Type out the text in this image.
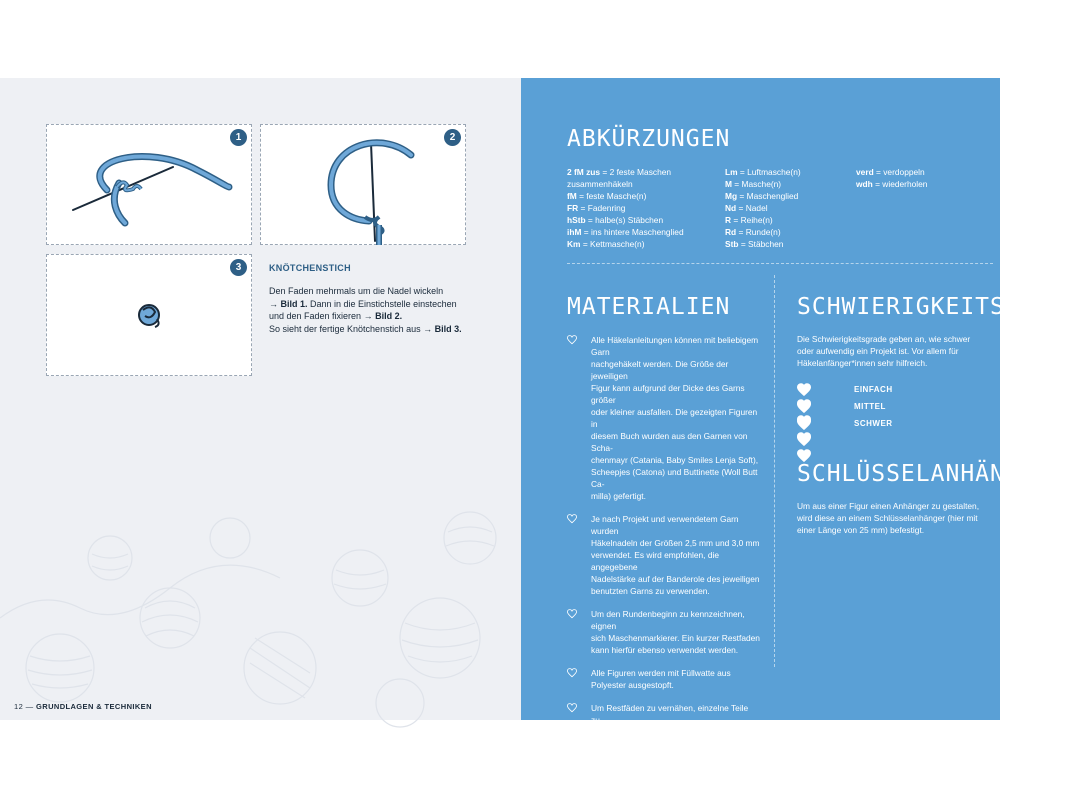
1	2
3	KNÖTCHENSTICH

Den Faden mehrmals um die Nadel wickeln

→ Bild 1. Dann in die Einstichstelle einstechen

und den Faden fixieren → Bild 2.

So sieht der fertige Knötchenstich aus → Bild 3.

12 — GRUNDLAGEN & TECHNIKEN
ABKÜRZUNGEN
2 fM zus = 2 feste Maschen
zusammenhäkeln
fM = feste Masche(n)
FR = Fadenring
hStb = halbe(s) Stäbchen
ihM = ins hintere Maschenglied
Km = Kettmasche(n)
Lm = Luftmasche(n)
M = Masche(n)
Mg = Maschenglied
Nd = Nadel
R = Reihe(n)
Rd = Runde(n)
Stb = Stäbchen
verd = verdoppeln
wdh = wiederholen
MATERIALIEN
Alle Häkelanleitungen können mit beliebigem Garn
nachgehäkelt werden. Die Größe der jeweiligen
Figur kann aufgrund der Dicke des Garns größer
oder kleiner ausfallen. Die gezeigten Figuren in
diesem Buch wurden aus den Garnen von Scha-
chenmayr (Catania, Baby Smiles Lenja Soft),
Scheepjes (Catona) und Buttinette (Woll Butt Ca-
milla) gefertigt.
Je nach Projekt und verwendetem Garn wurden
Häkelnadeln der Größen 2,5 mm und 3,0 mm
verwendet. Es wird empfohlen, die angegebene
Nadelstärke auf der Banderole des jeweiligen
benutzten Garns zu verwenden.
Um den Rundenbeginn zu kennzeichnen, eignen
sich Maschenmarkierer. Ein kurzer Restfaden
kann hierfür ebenso verwendet werden.
Alle Figuren werden mit Füllwatte aus
Polyester ausgestopft.
Um Restfäden zu vernähen, einzelne Teile zu-
sammenzufügen und Details aufzusticken, wird
eine Wollnadel verwendet.
Für die Minis wurden Sicherheitsaugen mit ei-
nem Durchmesser von 5 mm verwendet.
SCHWIERIGKEITSGRADE
Die Schwierigkeitsgrade geben an, wie schwer
oder aufwendig ein Projekt ist. Vor allem für
Häkelanfänger*innen sehr hilfreich.
EINFACH
MITTEL
SCHWER
SCHLÜSSELANHÄNGER
Um aus einer Figur einen Anhänger zu gestalten,
wird diese an einem Schlüsselanhänger (hier mit
einer Länge von 25 mm) befestigt.
